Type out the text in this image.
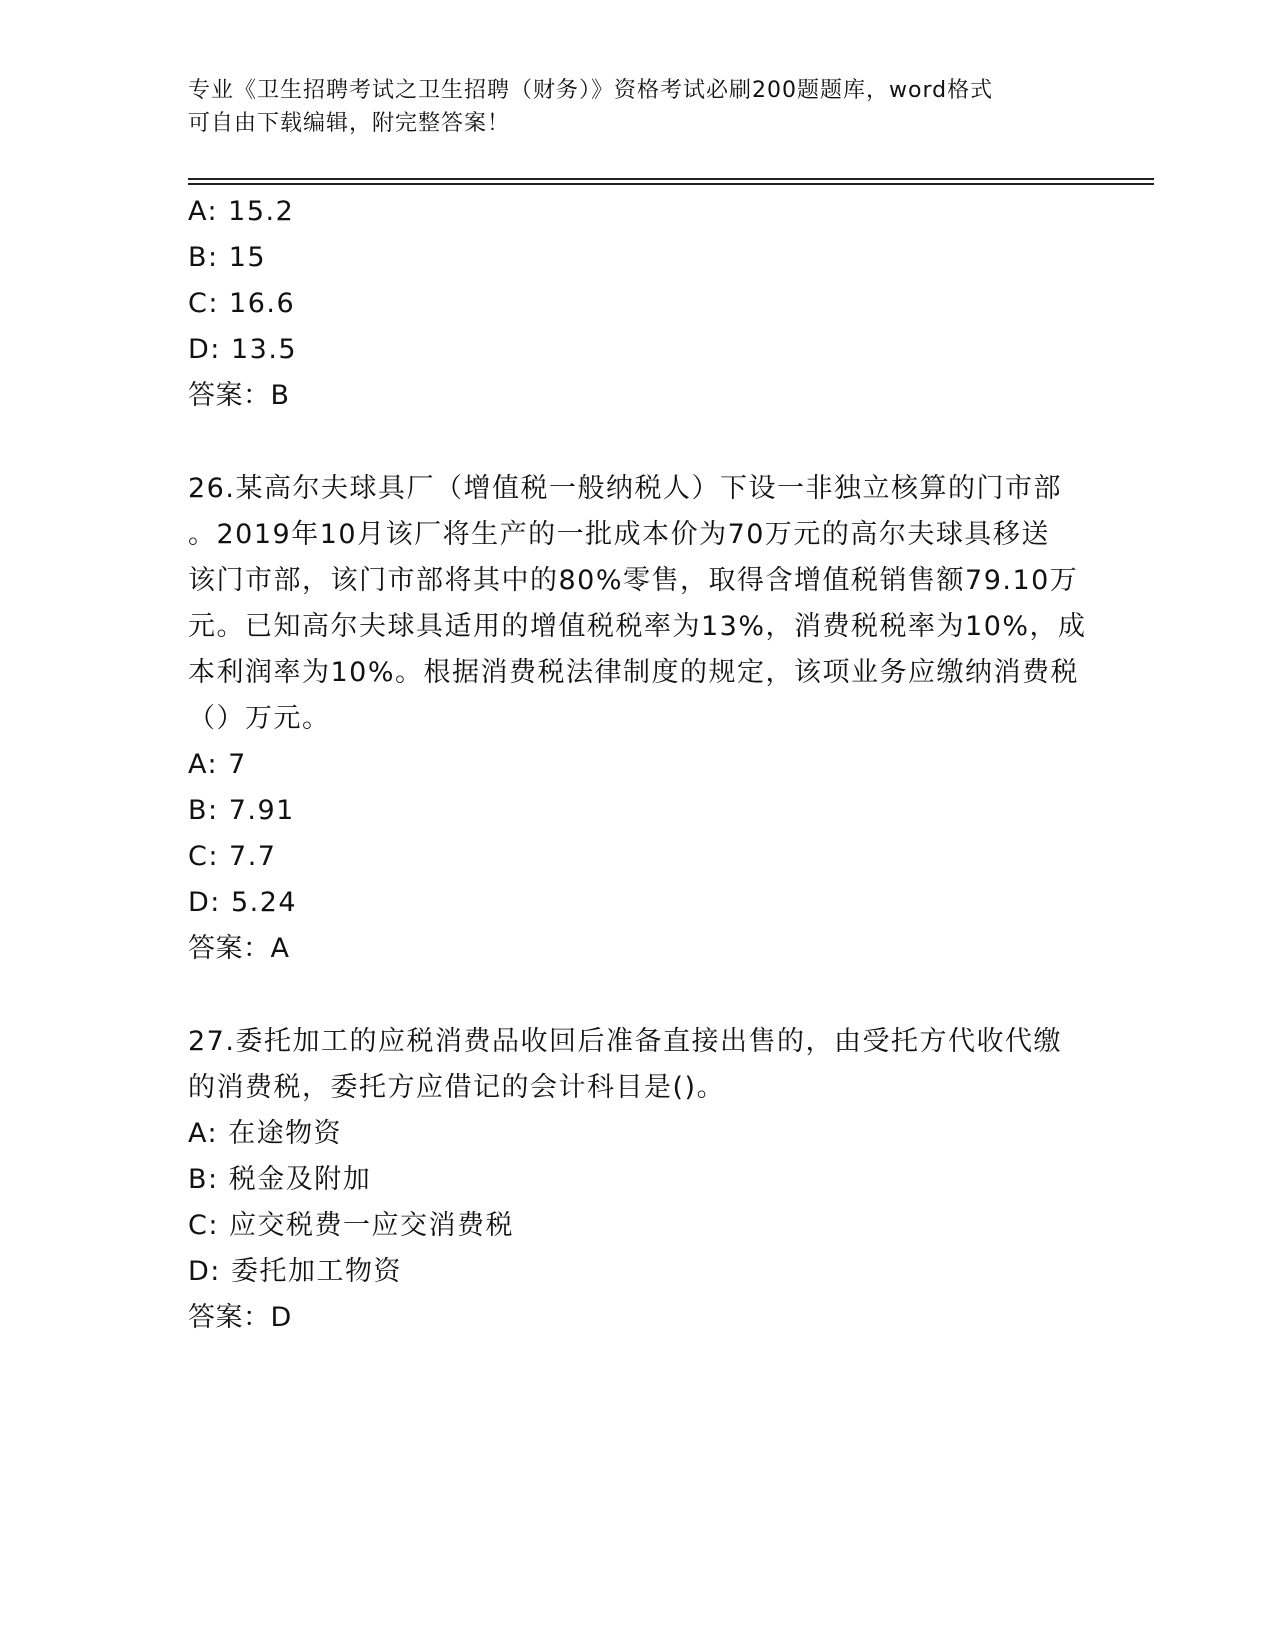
专业《卫生招聘考试之卫生招聘（财务）》资格考试必刷200题题库，word格式
可自由下载编辑，附完整答案！
A: 15.2
B: 15
C: 16.6
D: 13.5
答案：B
26.某高尔夫球具厂（增值税一般纳税人）下设一非独立核算的门市部
。2019年10月该厂将生产的一批成本价为70万元的高尔夫球具移送
该门市部，该门市部将其中的80%零售，取得含增值税销售额79.10万
元。已知高尔夫球具适用的增值税税率为13%，消费税税率为10%，成
本利润率为10%。根据消费税法律制度的规定，该项业务应缴纳消费税
（）万元。
A: 7
B: 7.91
C: 7.7
D: 5.24
答案：A
27.委托加工的应税消费品收回后准备直接出售的，由受托方代收代缴
的消费税，委托方应借记的会计科目是()。
A: 在途物资
B: 税金及附加
C: 应交税费一应交消费税
D: 委托加工物资
答案：D
